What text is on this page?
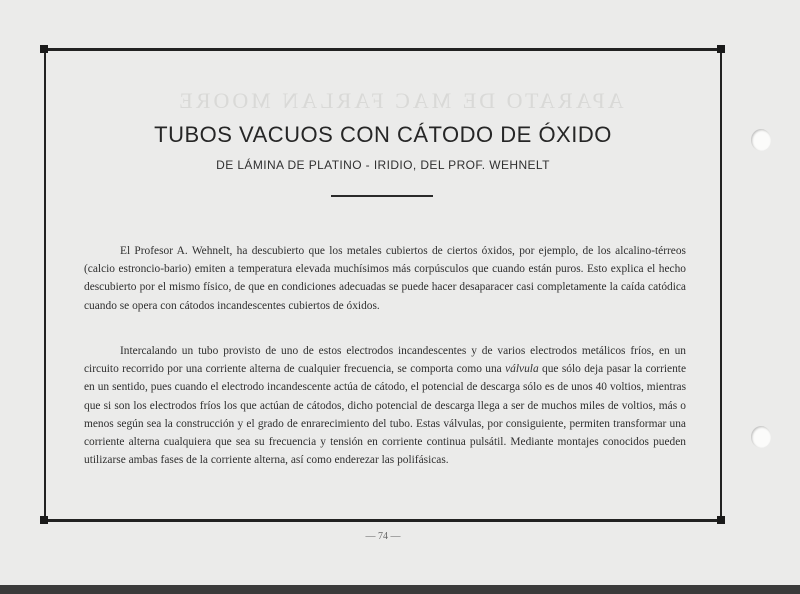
APARATO DE MAC FARLAN MOORE
TUBOS VACUOS CON CÁTODO DE ÓXIDO
DE LÁMINA DE PLATINO - IRIDIO, DEL PROF. WEHNELT

El Profesor A. Wehnelt, ha descubierto que los metales cubiertos de ciertos óxidos, por ejemplo, de los alcalino-térreos (calcio estroncio-bario) emiten a temperatura elevada muchísimos más corpúsculos que cuando están puros. Esto explica el hecho descubierto por el mismo físico, de que en condiciones adecuadas se puede hacer desaparacer casi completamente la caída catódica cuando se opera con cátodos incandescentes cubiertos de óxidos.

Intercalando un tubo provisto de uno de estos electrodos incandescentes y de varios electrodos metálicos fríos, en un circuito recorrido por una corriente alterna de cualquier frecuencia, se comporta como una válvula que sólo deja pasar la corriente en un sentido, pues cuando el electrodo incandescente actúa de cátodo, el potencial de descarga sólo es de unos 40 voltios, mientras que si son los electrodos fríos los que actúan de cátodos, dicho potencial de descarga llega a ser de muchos miles de voltios, más o menos según sea la construcción y el grado de enrarecimiento del tubo. Estas válvulas, por consiguiente, permiten transformar una corriente alterna cualquiera que sea su frecuencia y tensión en corriente continua pulsátil. Mediante montajes conocidos pueden utilizarse ambas fases de la corriente alterna, así como enderezar las polifásicas.

— 74 —
